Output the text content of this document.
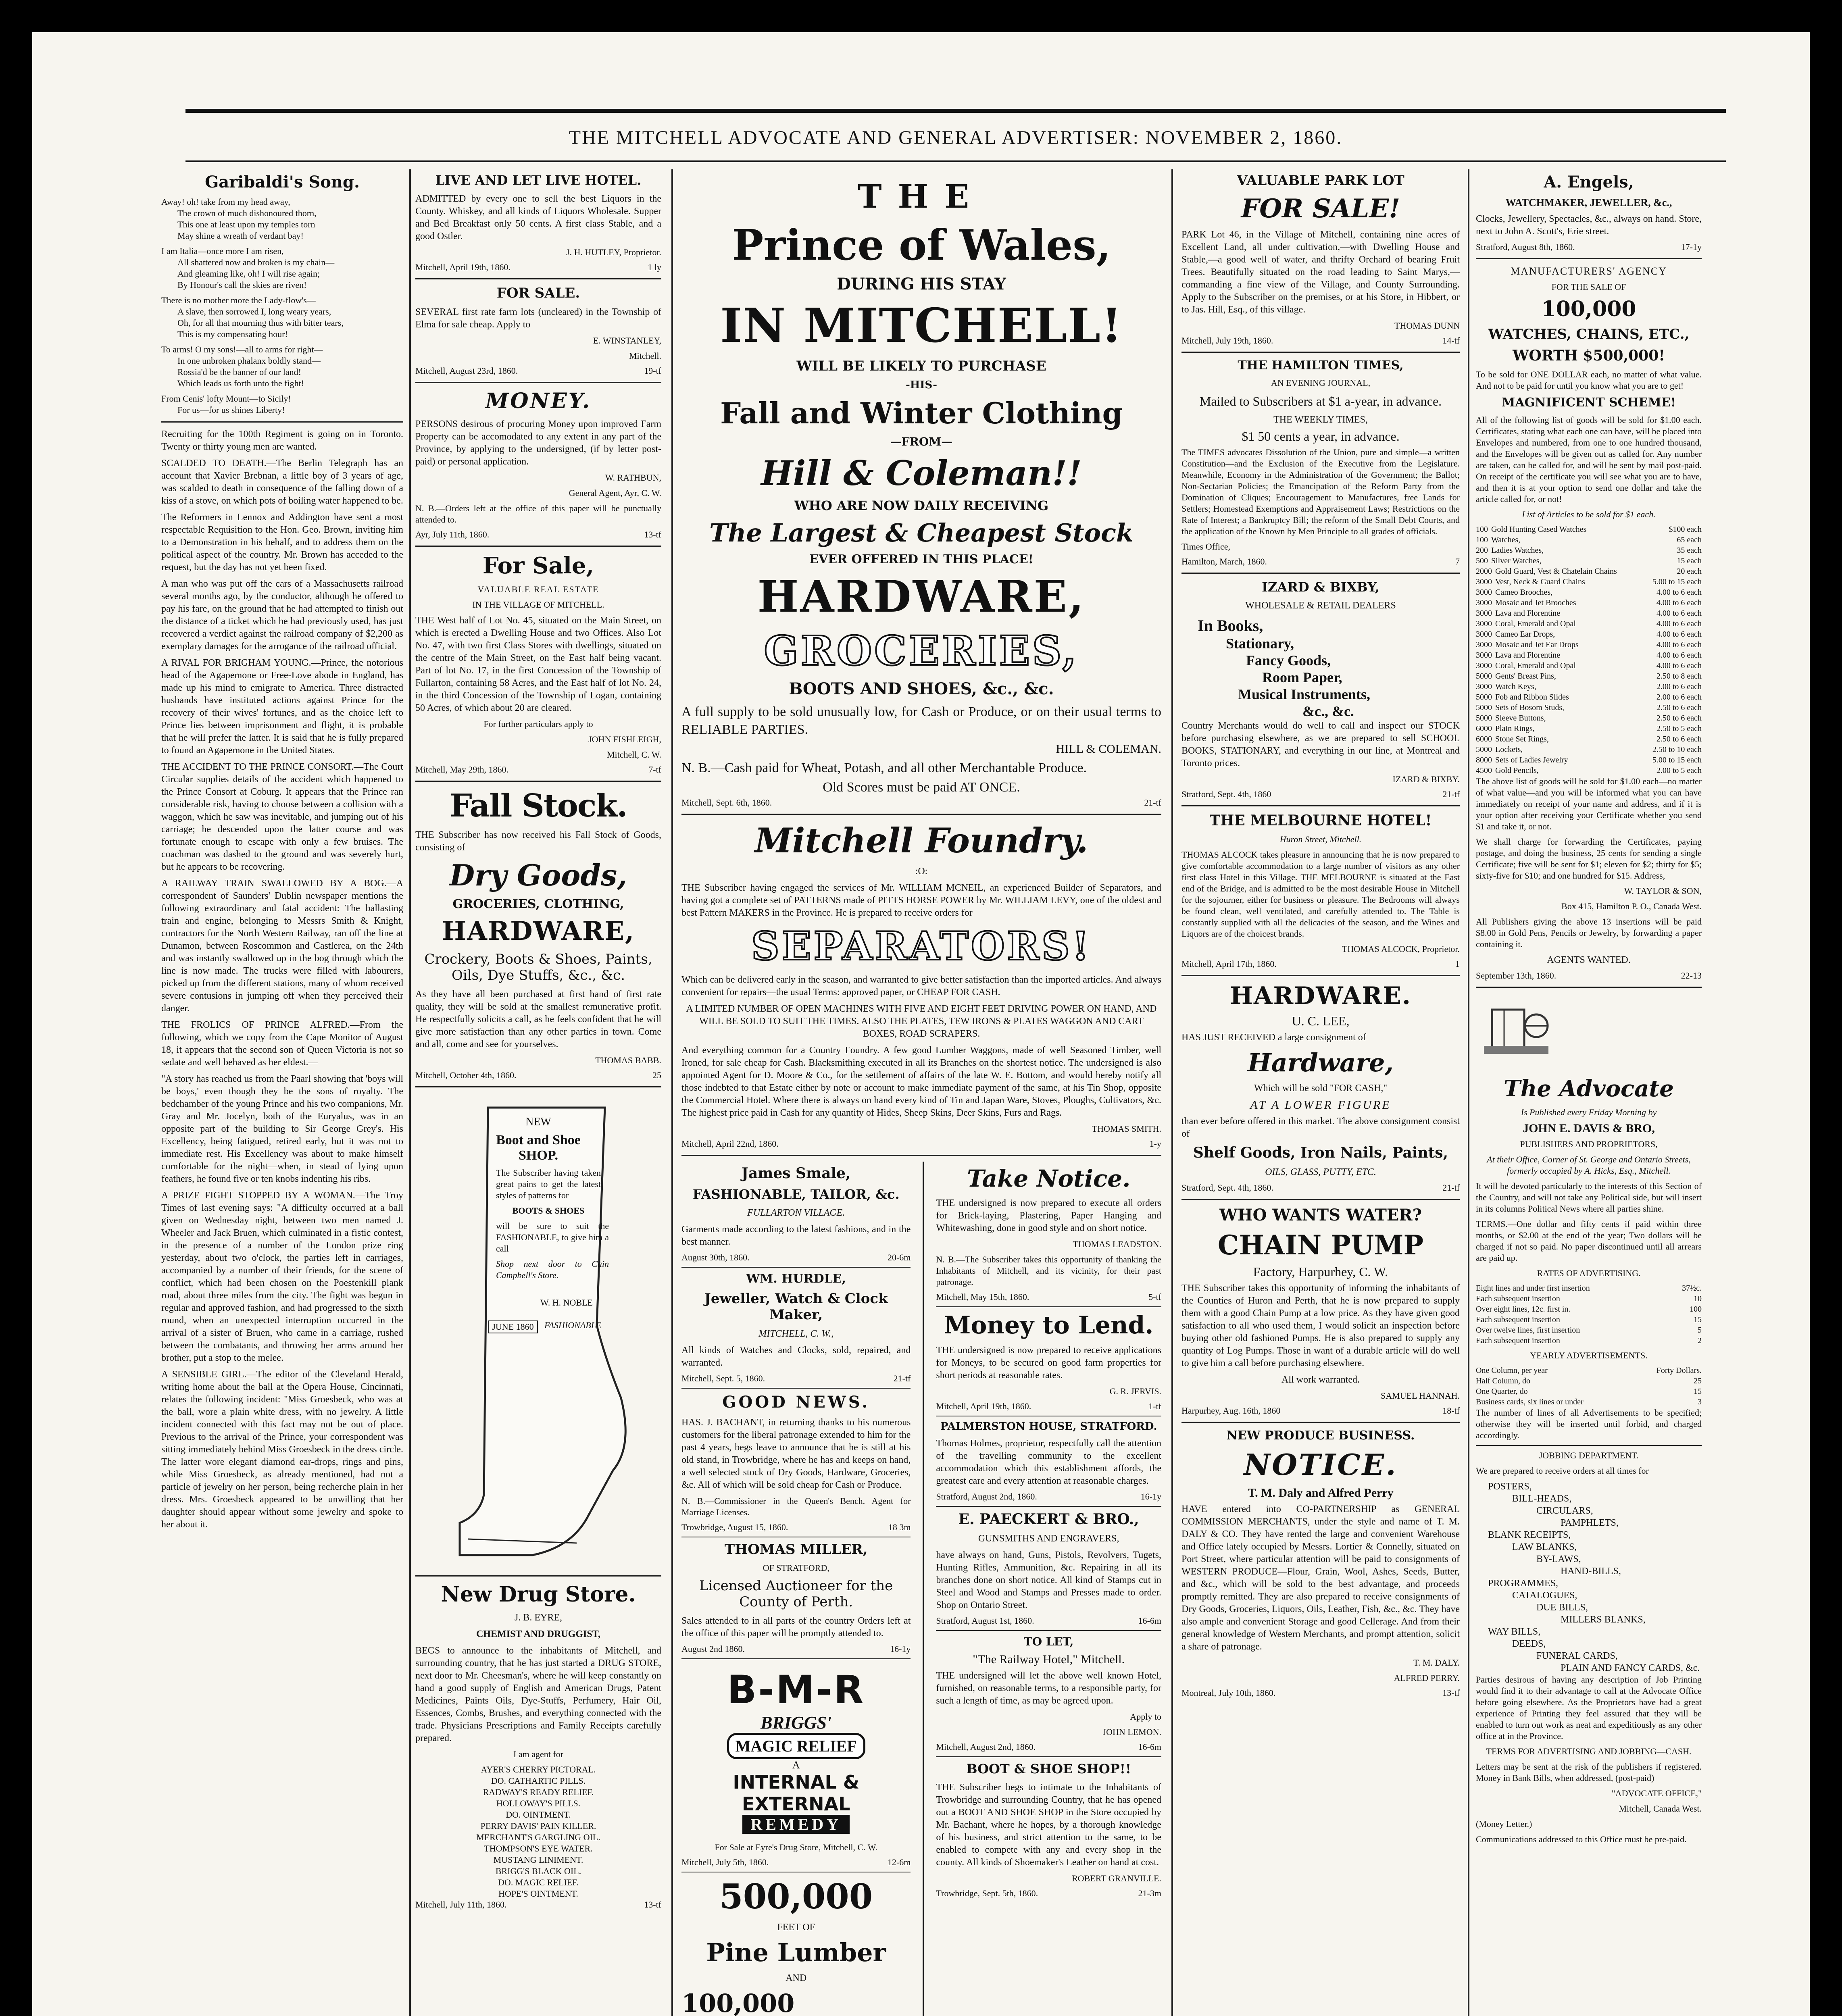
THE MITCHELL ADVOCATE AND GENERAL ADVERTISER: NOVEMBER 2, 1860.
Garibaldi's Song.
Away! oh! take from my head away,
The crown of much dishonoured thorn,
This one at least upon my temples torn
May shine a wreath of verdant bay!
I am Italia—once more I am risen,
All shattered now and broken is my chain—
And gleaming like, oh! I will rise again;
By Honour's call the skies are riven!
There is no mother more the Lady-flow's—
A slave, then sorrowed I, long weary years,
Oh, for all that mourning thus with bitter tears,
This is my compensating hour!
To arms! O my sons!—all to arms for right—
In one unbroken phalanx boldly stand—
Rossia'd be the banner of our land!
Which leads us forth unto the fight!
From Cenis' lofty Mount—to Sicily!
For us—for us shines Liberty!

Recruiting for the 100th Regiment is going on in Toronto. Twenty or thirty young men are wanted.

SCALDED TO DEATH.—The Berlin Telegraph has an account that Xavier Brebnan, a little boy of 3 years of age, was scalded to death in consequence of the falling down of a kiss of a stove, on which pots of boiling water happened to be.

The Reformers in Lennox and Addington have sent a most respectable Requisition to the Hon. Geo. Brown, inviting him to a Demonstration in his behalf, and to address them on the political aspect of the country. Mr. Brown has acceded to the request, but the day has not yet been fixed.

A man who was put off the cars of a Massachusetts railroad several months ago, by the conductor, although he offered to pay his fare, on the ground that he had attempted to finish out the distance of a ticket which he had previously used, has just recovered a verdict against the railroad company of $2,200 as exemplary damages for the arrogance of the railroad official.

A RIVAL FOR BRIGHAM YOUNG.—Prince, the notorious head of the Agapemone or Free-Love abode in England, has made up his mind to emigrate to America. Three distracted husbands have instituted actions against Prince for the recovery of their wives' fortunes, and as the choice left to Prince lies between imprisonment and flight, it is probable that he will prefer the latter. It is said that he is fully prepared to found an Agapemone in the United States.

THE ACCIDENT TO THE PRINCE CONSORT.—The Court Circular supplies details of the accident which happened to the Prince Consort at Coburg. It appears that the Prince ran considerable risk, having to choose between a collision with a waggon, which he saw was inevitable, and jumping out of his carriage; he descended upon the latter course and was fortunate enough to escape with only a few bruises. The coachman was dashed to the ground and was severely hurt, but he appears to be recovering.

A RAILWAY TRAIN SWALLOWED BY A BOG.—A correspondent of Saunders' Dublin newspaper mentions the following extraordinary and fatal accident: The ballasting train and engine, belonging to Messrs Smith & Knight, contractors for the North Western Railway, ran off the line at Dunamon, between Roscommon and Castlerea, on the 24th and was instantly swallowed up in the bog through which the line is now made. The trucks were filled with labourers, picked up from the different stations, many of whom received severe contusions in jumping off when they perceived their danger.

THE FROLICS OF PRINCE ALFRED.—From the following, which we copy from the Cape Monitor of August 18, it appears that the second son of Queen Victoria is not so sedate and well behaved as her eldest.—

"A story has reached us from the Paarl showing that 'boys will be boys,' even though they be the sons of royalty. The bedchamber of the young Prince and his two companions, Mr. Gray and Mr. Jocelyn, both of the Euryalus, was in an opposite part of the building to Sir George Grey's. His Excellency, being fatigued, retired early, but it was not to immediate rest. His Excellency was about to make himself comfortable for the night—when, in stead of lying upon feathers, he found five or ten knobs indenting his ribs.

A PRIZE FIGHT STOPPED BY A WOMAN.—The Troy Times of last evening says: "A difficulty occurred at a ball given on Wednesday night, between two men named J. Wheeler and Jack Bruen, which culminated in a fistic contest, in the presence of a number of the London prize ring yesterday, about two o'clock, the parties left in carriages, accompanied by a number of their friends, for the scene of conflict, which had been chosen on the Poestenkill plank road, about three miles from the city. The fight was begun in regular and approved fashion, and had progressed to the sixth round, when an unexpected interruption occurred in the arrival of a sister of Bruen, who came in a carriage, rushed between the combatants, and throwing her arms around her brother, put a stop to the melee.

A SENSIBLE GIRL.—The editor of the Cleveland Herald, writing home about the ball at the Opera House, Cincinnati, relates the following incident: "Miss Groesbeck, who was at the ball, wore a plain white dress, with no jewelry. A little incident connected with this fact may not be out of place. Previous to the arrival of the Prince, your correspondent was sitting immediately behind Miss Groesbeck in the dress circle. The latter wore elegant diamond ear-drops, rings and pins, while Miss Groesbeck, as already mentioned, had not a particle of jewelry on her person, being recherche plain in her dress. Mrs. Groesbeck appeared to be unwilling that her daughter should appear without some jewelry and spoke to her about it.

LIVE AND LET LIVE HOTEL.

ADMITTED by every one to sell the best Liquors in the County. Whiskey, and all kinds of Liquors Wholesale. Supper and Bed Breakfast only 50 cents. A first class Stable, and a good Ostler.

J. H. HUTLEY, Proprietor.

Mitchell, April 19th, 1860.	1 ly
FOR SALE.

SEVERAL first rate farm lots (uncleared) in the Township of Elma for sale cheap. Apply to

E. WINSTANLEY,

Mitchell.

Mitchell, August 23rd, 1860.	19-tf
MONEY.

PERSONS desirous of procuring Money upon improved Farm Property can be accomodated to any extent in any part of the Province, by applying to the undersigned, (if by letter post-paid) or personal application.

W. RATHBUN,

General Agent, Ayr, C. W.

N. B.—Orders left at the office of this paper will be punctually attended to.

Ayr, July 11th, 1860.	13-tf
For Sale,

VALUABLE REAL ESTATE

IN THE VILLAGE OF MITCHELL.

THE West half of Lot No. 45, situated on the Main Street, on which is erected a Dwelling House and two Offices. Also Lot No. 47, with two first Class Stores with dwellings, situated on the centre of the Main Street, on the East half being vacant. Part of lot No. 17, in the first Concession of the Township of Fullarton, containing 58 Acres, and the East half of lot No. 24, in the third Concession of the Township of Logan, containing 50 Acres, of which about 20 are cleared.

For further particulars apply to

JOHN FISHLEIGH,

Mitchell, C. W.

Mitchell, May 29th, 1860.	7-tf
Fall Stock.

THE Subscriber has now received his Fall Stock of Goods, consisting of

Dry Goods,
GROCERIES, CLOTHING,
HARDWARE,
Crockery, Boots & Shoes, Paints, Oils, Dye Stuffs, &c., &c.

As they have all been purchased at first hand of first rate quality, they will be sold at the smallest remunerative profit. He respectfully solicits a call, as he feels confident that he will give more satisfaction than any other parties in town. Come and all, come and see for yourselves.

THOMAS BABB.

Mitchell, October 4th, 1860.	25
NEW
Boot and Shoe SHOP.

The Subscriber having taken great pains to get the latest styles of patterns for

BOOTS & SHOES

will be sure to suit the FASHIONABLE, to give him a call

Shop next door to Cain Campbell's Store.

W. H. NOBLE

JUNE 1860	FASHIONABLE

New Drug Store.

J. B. EYRE,

CHEMIST AND DRUGGIST,

BEGS to announce to the inhabitants of Mitchell, and surrounding country, that he has just started a DRUG STORE, next door to Mr. Cheesman's, where he will keep constantly on hand a good supply of English and American Drugs, Patent Medicines, Paints Oils, Dye-Stuffs, Perfumery, Hair Oil, Essences, Combs, Brushes, and everything connected with the trade. Physicians Prescriptions and Family Receipts carefully prepared.

I am agent for

AYER'S CHERRY PICTORAL.
DO. CATHARTIC PILLS.
RADWAY'S READY RELIEF.
HOLLOWAY'S PILLS.
DO. OINTMENT.
PERRY DAVIS' PAIN KILLER.
MERCHANT'S GARGLING OIL.
THOMPSON'S EYE WATER.
MUSTANG LINIMENT.
BRIGG'S BLACK OIL.
DO. MAGIC RELIEF.
HOPE'S OINTMENT.
Mitchell, July 11th, 1860.	13-tf
THE
Prince of Wales,
DURING HIS STAY
IN MITCHELL!
WILL BE LIKELY TO PURCHASE
-HIS-
Fall and Winter Clothing
—FROM—
Hill & Coleman!!
WHO ARE NOW DAILY RECEIVING
The Largest & Cheapest Stock
EVER OFFERED IN THIS PLACE!
HARDWARE,
GROCERIES,
BOOTS AND SHOES, &c., &c.

A full supply to be sold unusually low, for Cash or Produce, or on their usual terms to RELIABLE PARTIES.

HILL & COLEMAN.

N. B.—Cash paid for Wheat, Potash, and all other Merchantable Produce.

Old Scores must be paid AT ONCE.

Mitchell, Sept. 6th, 1860.	21-tf
Mitchell Foundry.

:O:

THE Subscriber having engaged the services of Mr. WILLIAM MCNEIL, an experienced Builder of Separators, and having got a complete set of PATTERNS made of PITTS HORSE POWER by Mr. WILLIAM LEVY, one of the oldest and best Pattern MAKERS in the Province. He is prepared to receive orders for

SEPARATORS!

Which can be delivered early in the season, and warranted to give better satisfaction than the imported articles. And always convenient for repairs—the usual Terms: approved paper, or CHEAP FOR CASH.

A LIMITED NUMBER OF OPEN MACHINES WITH FIVE AND EIGHT FEET DRIVING POWER ON HAND, AND WILL BE SOLD TO SUIT THE TIMES. ALSO THE PLATES, TEW IRONS & PLATES WAGGON AND CART BOXES, ROAD SCRAPERS.

And everything common for a Country Foundry. A few good Lumber Waggons, made of well Seasoned Timber, well Ironed, for sale cheap for Cash. Blacksmithing executed in all its Branches on the shortest notice. The undersigned is also appointed Agent for D. Moore & Co., for the settlement of affairs of the late W. E. Bottom, and would hereby notify all those indebted to that Estate either by note or account to make immediate payment of the same, at his Tin Shop, opposite the Commercial Hotel. Where there is always on hand every kind of Tin and Japan Ware, Stoves, Ploughs, Cultivators, &c. The highest price paid in Cash for any quantity of Hides, Sheep Skins, Deer Skins, Furs and Rags.

THOMAS SMITH.

Mitchell, April 22nd, 1860.	1-y
James Smale,
FASHIONABLE, TAILOR, &c.

FULLARTON VILLAGE.

Garments made according to the latest fashions, and in the best manner.

August 30th, 1860.	20-6m
WM. HURDLE,
Jeweller, Watch & Clock Maker,

MITCHELL, C. W.,

All kinds of Watches and Clocks, sold, repaired, and warranted.

Mitchell, Sept. 5, 1860.	21-tf
GOOD NEWS.

HAS. J. BACHANT, in returning thanks to his numerous customers for the liberal patronage extended to him for the past 4 years, begs leave to announce that he is still at his old stand, in Trowbridge, where he has and keeps on hand, a well selected stock of Dry Goods, Hardware, Groceries, &c. All of which will be sold cheap for Cash or Produce.

N. B.—Commissioner in the Queen's Bench. Agent for Marriage Licenses.

Trowbridge, August 15, 1860.	18 3m
THOMAS MILLER,

OF STRATFORD,

Licensed Auctioneer for the County of Perth.

Sales attended to in all parts of the country Orders left at the office of this paper will be promptly attended to.

August 2nd 1860.	16-1y
B-M-R
BRIGGS'
MAGIC RELIEF
A
INTERNAL & EXTERNAL
REMEDY

For Sale at Eyre's Drug Store, Mitchell, C. W.

Mitchell, July 5th, 1860.	12-6m
500,000

FEET OF

Pine Lumber

AND

100,000

Take Notice.

THE undersigned is now prepared to execute all orders for Brick-laying, Plastering, Paper Hanging and Whitewashing, done in good style and on short notice.

THOMAS LEADSTON.

N. B.—The Subscriber takes this opportunity of thanking the Inhabitants of Mitchell, and its vicinity, for their past patronage.

Mitchell, May 15th, 1860.	5-tf
Money to Lend.

THE undersigned is now prepared to receive applications for Moneys, to be secured on good farm properties for short periods at reasonable rates.

G. R. JERVIS.

Mitchell, April 19th, 1860.	1-tf
PALMERSTON HOUSE, STRATFORD.

Thomas Holmes, proprietor, respectfully call the attention of the travelling community to the excellent accommodation which this establishment affords, the greatest care and every attention at reasonable charges.

Stratford, August 2nd, 1860.	16-1y
E. PAECKERT & BRO.,

GUNSMITHS AND ENGRAVERS,

have always on hand, Guns, Pistols, Revolvers, Tugets, Hunting Rifles, Ammunition, &c. Repairing in all its branches done on short notice. All kind of Stamps cut in Steel and Wood and Stamps and Presses made to order. Shop on Ontario Street.

Stratford, August 1st, 1860.	16-6m
TO LET,

"The Railway Hotel," Mitchell.

THE undersigned will let the above well known Hotel, furnished, on reasonable terms, to a responsible party, for such a length of time, as may be agreed upon.

Apply to

JOHN LEMON.

Mitchell, August 2nd, 1860.	16-6m
BOOT & SHOE SHOP!!

THE Subscriber begs to intimate to the Inhabitants of Trowbridge and surrounding Country, that he has opened out a BOOT AND SHOE SHOP in the Store occupied by Mr. Bachant, where he hopes, by a thorough knowledge of his business, and strict attention to the same, to be enabled to compete with any and every shop in the county. All kinds of Shoemaker's Leather on hand at cost.

ROBERT GRANVILLE.

Trowbridge, Sept. 5th, 1860.	21-3m
VALUABLE PARK LOT
FOR SALE!

PARK Lot 46, in the Village of Mitchell, containing nine acres of Excellent Land, all under cultivation,—with Dwelling House and Stable,—a good well of water, and thrifty Orchard of bearing Fruit Trees. Beautifully situated on the road leading to Saint Marys,—commanding a fine view of the Village, and County Surrounding. Apply to the Subscriber on the premises, or at his Store, in Hibbert, or to Jas. Hill, Esq., of this village.

THOMAS DUNN

Mitchell, July 19th, 1860.	14-tf
THE HAMILTON TIMES,

AN EVENING JOURNAL,

Mailed to Subscribers at $1 a-year, in advance.

THE WEEKLY TIMES,

$1 50 cents a year, in advance.

The TIMES advocates Dissolution of the Union, pure and simple—a written Constitution—and the Exclusion of the Executive from the Legislature. Meanwhile, Economy in the Administration of the Government; the Ballot; Non-Sectarian Policies; the Emancipation of the Reform Party from the Domination of Cliques; Encouragement to Manufactures, free Lands for Settlers; Homestead Exemptions and Appraisement Laws; Restrictions on the Rate of Interest; a Bankruptcy Bill; the reform of the Small Debt Courts, and the application of the Known by Men Principle to all grades of officials.

Times Office,

Hamilton, March, 1860.	7
IZARD & BIXBY,

WHOLESALE & RETAIL DEALERS

In Books,
Stationary,
Fancy Goods,
Room Paper,
Musical Instruments,
&c., &c.

Country Merchants would do well to call and inspect our STOCK before purchasing elsewhere, as we are prepared to sell SCHOOL BOOKS, STATIONARY, and everything in our line, at Montreal and Toronto prices.

IZARD & BIXBY.

Stratford, Sept. 4th, 1860	21-tf
THE MELBOURNE HOTEL!

Huron Street, Mitchell.

THOMAS ALCOCK takes pleasure in announcing that he is now prepared to give comfortable accommodation to a large number of visitors as any other first class Hotel in this Village. THE MELBOURNE is situated at the East end of the Bridge, and is admitted to be the most desirable House in Mitchell for the sojourner, either for business or pleasure. The Bedrooms will always be found clean, well ventilated, and carefully attended to. The Table is constantly supplied with all the delicacies of the season, and the Wines and Liquors are of the choicest brands.

THOMAS ALCOCK, Proprietor.

Mitchell, April 17th, 1860.	1
HARDWARE.

U. C. LEE,

HAS JUST RECEIVED a large consignment of

Hardware,

Which will be sold "FOR CASH,"

AT A LOWER FIGURE

than ever before offered in this market. The above consignment consist of

Shelf Goods, Iron Nails, Paints,

OILS, GLASS, PUTTY, ETC.

Stratford, Sept. 4th, 1860.	21-tf
WHO WANTS WATER?
CHAIN PUMP

Factory, Harpurhey, C. W.

THE Subscriber takes this opportunity of informing the inhabitants of the Counties of Huron and Perth, that he is now prepared to supply them with a good Chain Pump at a low price. As they have given good satisfaction to all who used them, I would solicit an inspection before buying other old fashioned Pumps. He is also prepared to supply any quantity of Log Pumps. Those in want of a durable article will do well to give him a call before purchasing elsewhere.

All work warranted.

SAMUEL HANNAH.

Harpurhey, Aug. 16th, 1860	18-tf
NEW PRODUCE BUSINESS.
NOTICE.

T. M. Daly and Alfred Perry

HAVE entered into CO-PARTNERSHIP as GENERAL COMMISSION MERCHANTS, under the style and name of T. M. DALY & CO. They have rented the large and convenient Warehouse and Office lately occupied by Messrs. Lortier & Connelly, situated on Port Street, where particular attention will be paid to consignments of WESTERN PRODUCE—Flour, Grain, Wool, Ashes, Seeds, Butter, and &c., which will be sold to the best advantage, and proceeds promptly remitted. They are also prepared to receive consignments of Dry Goods, Groceries, Liquors, Oils, Leather, Fish, &c., &c. They have also ample and convenient Storage and good Cellerage. And from their general knowledge of Western Merchants, and prompt attention, solicit a share of patronage.

T. M. DALY.

ALFRED PERRY.

Montreal, July 10th, 1860.	13-tf
A. Engels,

WATCHMAKER, JEWELLER, &c.,

Clocks, Jewellery, Spectacles, &c., always on hand. Store, next to John A. Scott's, Erie street.

Stratford, August 8th, 1860.	17-1y

MANUFACTURERS' AGENCY

FOR THE SALE OF

100,000
WATCHES, CHAINS, ETC.,
WORTH $500,000!

To be sold for ONE DOLLAR each, no matter of what value. And not to be paid for until you know what you are to get!

MAGNIFICENT SCHEME!

All of the following list of goods will be sold for $1.00 each. Certificates, stating what each one can have, will be placed into Envelopes and numbered, from one to one hundred thousand, and the Envelopes will be given out as called for. Any number are taken, can be called for, and will be sent by mail post-paid. On receipt of the certificate you will see what you are to have, and then it is at your option to send one dollar and take the article called for, or not!

List of Articles to be sold for $1 each.

100 Gold Hunting Cased Watches	$100 each
100 Watches,	65 each
200 Ladies Watches,	35 each
500 Silver Watches,	15 each
2000 Gold Guard, Vest & Chatelain Chains	20 each
3000 Vest, Neck & Guard Chains	5.00 to 15 each
3000 Cameo Brooches,	4.00 to 6 each
3000 Mosaic and Jet Brooches	4.00 to 6 each
3000 Lava and Florentine	4.00 to 6 each
3000 Coral, Emerald and Opal	4.00 to 6 each
3000 Cameo Ear Drops,	4.00 to 6 each
3000 Mosaic and Jet Ear Drops	4.00 to 6 each
3000 Lava and Florentine	4.00 to 6 each
3000 Coral, Emerald and Opal	4.00 to 6 each
5000 Gents' Breast Pins,	2.50 to 8 each
3000 Watch Keys,	2.00 to 6 each
5000 Fob and Ribbon Slides	2.00 to 6 each
5000 Sets of Bosom Studs,	2.50 to 6 each
5000 Sleeve Buttons,	2.50 to 6 each
6000 Plain Rings,	2.50 to 5 each
6000 Stone Set Rings,	2.50 to 6 each
5000 Lockets,	2.50 to 10 each
8000 Sets of Ladies Jewelry	5.00 to 15 each
4500 Gold Pencils,	2.00 to 5 each

The above list of goods will be sold for $1.00 each—no matter of what value—and you will be informed what you can have immediately on receipt of your name and address, and if it is your option after receiving your Certificate whether you send $1 and take it, or not.

We shall charge for forwarding the Certificates, paying postage, and doing the business, 25 cents for sending a single Certificate; five will be sent for $1; eleven for $2; thirty for $5; sixty-five for $10; and one hundred for $15. Address,

W. TAYLOR & SON,

Box 415, Hamilton P. O., Canada West.

All Publishers giving the above 13 insertions will be paid $8.00 in Gold Pens, Pencils or Jewelry, by forwarding a paper containing it.

AGENTS WANTED.

September 13th, 1860.	22-13
The Advocate

Is Published every Friday Morning by

JOHN E. DAVIS & BRO,

PUBLISHERS AND PROPRIETORS,

At their Office, Corner of St. George and Ontario Streets, formerly occupied by A. Hicks, Esq., Mitchell.

It will be devoted particularly to the interests of this Section of the Country, and will not take any Political side, but will insert in its columns Political News where all parties shine.

TERMS.—One dollar and fifty cents if paid within three months, or $2.00 at the end of the year; Two dollars will be charged if not so paid. No paper discontinued until all arrears are paid up.

RATES OF ADVERTISING.

Eight lines and under first insertion	37½c.
Each subsequent insertion	10
Over eight lines, 12c. first in.	100
Each subsequent insertion	15
Over twelve lines, first insertion	5
Each subsequent insertion	2

YEARLY ADVERTISEMENTS.

One Column, per year	Forty Dollars.
Half Column, do	25
One Quarter, do	15
Business cards, six lines or under	3

The number of lines of all Advertisements to be specified; otherwise they will be inserted until forbid, and charged accordingly.

JOBBING DEPARTMENT.

We are prepared to receive orders at all times for

POSTERS,
BILL-HEADS,
CIRCULARS,
PAMPHLETS,
BLANK RECEIPTS,
LAW BLANKS,
BY-LAWS,
HAND-BILLS,
PROGRAMMES,
CATALOGUES,
DUE BILLS,
MILLERS BLANKS,
WAY BILLS,
DEEDS,
FUNERAL CARDS,
PLAIN AND FANCY CARDS, &c.

Parties desirous of having any description of Job Printing would find it to their advantage to call at the Advocate Office before going elsewhere. As the Proprietors have had a great experience of Printing they feel assured that they will be enabled to turn out work as neat and expeditiously as any other office at in the Province.

TERMS FOR ADVERTISING AND JOBBING—CASH.

Letters may be sent at the risk of the publishers if registered. Money in Bank Bills, when addressed, (post-paid)

"ADVOCATE OFFICE,"

Mitchell, Canada West.

(Money Letter.)

Communications addressed to this Office must be pre-paid.
